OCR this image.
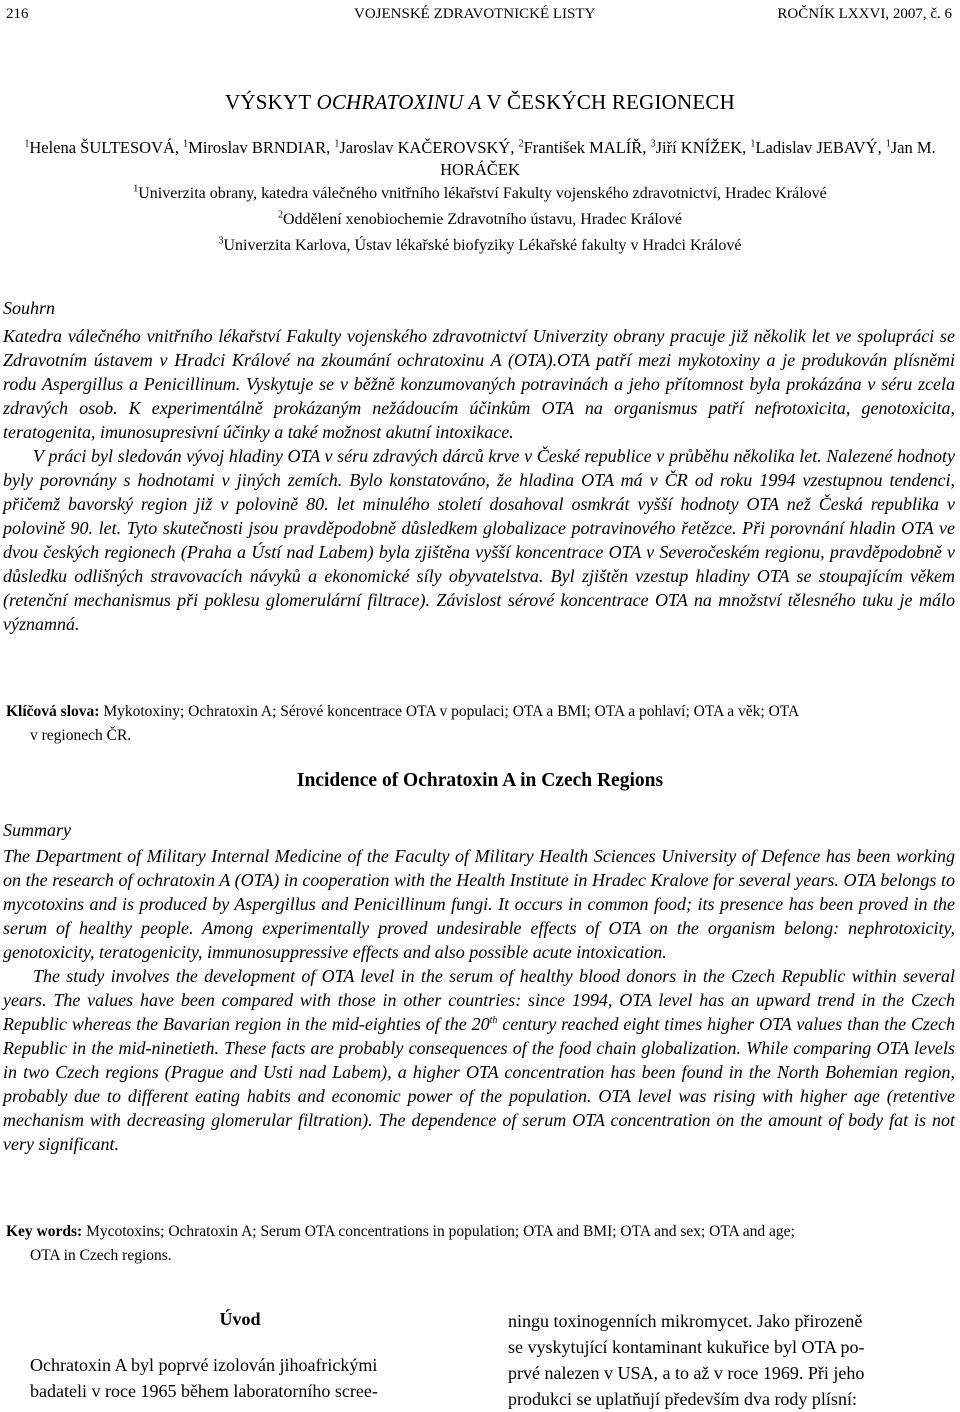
216	VOJENSKÉ ZDRAVOTNICKÉ LISTY	ROČNÍK LXXVI, 2007, č. 6
VÝSKYT OCHRATOXINU A V ČESKÝCH REGIONECH
$^1$Helena ŠULTESOVÁ, $^1$Miroslav BRNDIAR, $^1$Jaroslav KAČEROVSKÝ, $^2$František MALÍŘ, $^3$Jiří KNÍŽEK, $^1$Ladislav JEBAVÝ, $^1$Jan M. HORÁČEK
$^1$Univerzita obrany, katedra válečného vnitřního lékařství Fakulty vojenského zdravotnictví, Hradec Králové
$^2$Oddělení xenobiochemie Zdravotního ústavu, Hradec Králové
$^3$Univerzita Karlova, Ústav lékařské biofyziky Lékařské fakulty v Hradci Králové
Souhrn

Katedra válečného vnitřního lékařství Fakulty vojenského zdravotnictví Univerzity obrany pracuje již několik let ve spolupráci se Zdravotním ústavem v Hradci Králové na zkoumání ochratoxinu A (OTA).OTA patří mezi mykotoxiny a je produkován plísněmi rodu Aspergillus a Penicillinum. Vyskytuje se v běžně konzumovaných potravinách a jeho přítomnost byla prokázána v séru zcela zdravých osob. K experimentálně prokázaným nežádoucím účinkům OTA na organismus patří nefrotoxicita, genotoxicita, teratogenita, imunosupresivní účinky a také možnost akutní intoxikace.

V práci byl sledován vývoj hladiny OTA v séru zdravých dárců krve v České republice v průběhu několika let. Nalezené hodnoty byly porovnány s hodnotami v jiných zemích. Bylo konstatováno, že hladina OTA má v ČR od roku 1994 vzestupnou tendenci, přičemž bavorský region již v polovině 80. let minulého století dosahoval osmkrát vyšší hodnoty OTA než Česká republika v polovině 90. let. Tyto skutečnosti jsou pravděpodobně důsledkem globalizace potravinového řetězce. Při porovnání hladin OTA ve dvou českých regionech (Praha a Ústí nad Labem) byla zjištěna vyšší koncentrace OTA v Severočeském regionu, pravděpodobně v důsledku odlišných stravovacích návyků a ekonomické síly obyvatelstva. Byl zjištěn vzestup hladiny OTA se stoupajícím věkem (retenční mechanismus při poklesu glomerulární filtrace). Závislost sérové koncentrace OTA na množství tělesného tuku je málo významná.

Klíčová slova: Mykotoxiny; Ochratoxin A; Sérové koncentrace OTA v populaci; OTA a BMI; OTA a pohlaví; OTA a věk; OTA
v regionech ČR.
Incidence of Ochratoxin A in Czech Regions
Summary

The Department of Military Internal Medicine of the Faculty of Military Health Sciences University of Defence has been working on the research of ochratoxin A (OTA) in cooperation with the Health Institute in Hradec Kralove for several years. OTA belongs to mycotoxins and is produced by Aspergillus and Penicillinum fungi. It occurs in common food; its presence has been proved in the serum of healthy people. Among experimentally proved undesirable effects of OTA on the organism belong: nephrotoxicity, genotoxicity, teratogenicity, immunosuppressive effects and also possible acute intoxication.

The study involves the development of OTA level in the serum of healthy blood donors in the Czech Republic within several years. The values have been compared with those in other countries: since 1994, OTA level has an upward trend in the Czech Republic whereas the Bavarian region in the mid-eighties of the 20th century reached eight times higher OTA values than the Czech Republic in the mid-ninetieth. These facts are probably consequences of the food chain globalization. While comparing OTA levels in two Czech regions (Prague and Usti nad Labem), a higher OTA concentration has been found in the North Bohemian region, probably due to different eating habits and economic power of the population. OTA level was rising with higher age (retentive mechanism with decreasing glomerular filtration). The dependence of serum OTA concentration on the amount of body fat is not very significant.

Key words: Mycotoxins; Ochratoxin A; Serum OTA concentrations in population; OTA and BMI; OTA and sex; OTA and age;
OTA in Czech regions.
Úvod
Ochratoxin A byl poprvé izolován jihoafrickými
badateli v roce 1965 během laboratorního scree-
ningu toxinogenních mikromycet. Jako přirozeně
se vyskytující kontaminant kukuřice byl OTA po-
prvé nalezen v USA, a to až v roce 1969. Při jeho
produkci se uplatňují především dva rody plísní:
